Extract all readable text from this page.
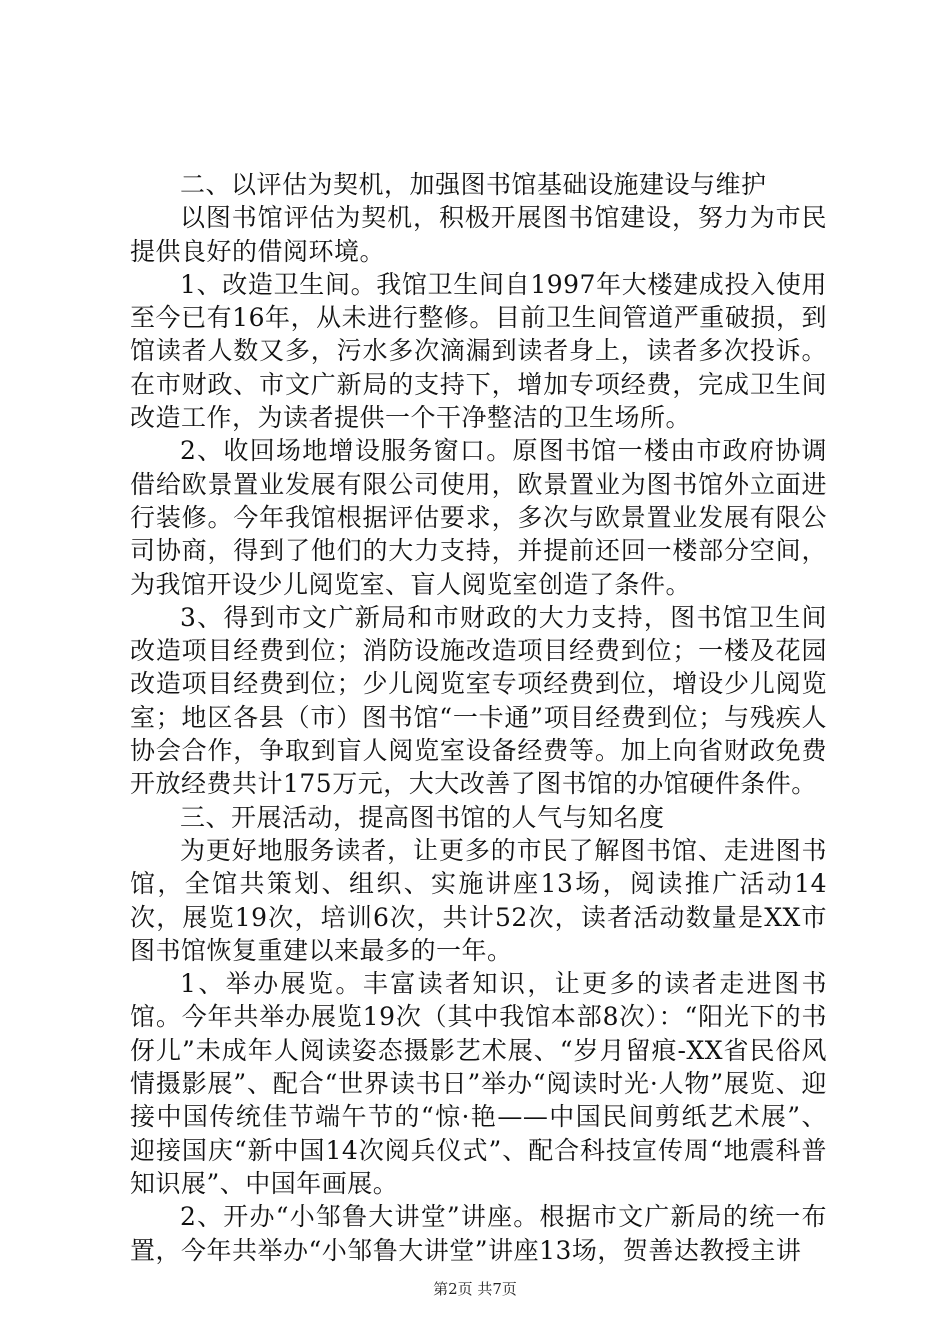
二、以评估为契机，加强图书馆基础设施建设与维护

以图书馆评估为契机，积极开展图书馆建设，努力为市民提供良好的借阅环境。

1、改造卫生间。我馆卫生间自1997年大楼建成投入使用至今已有16年，从未进行整修。目前卫生间管道严重破损，到馆读者人数又多，污水多次滴漏到读者身上，读者多次投诉。在市财政、市文广新局的支持下，增加专项经费，完成卫生间改造工作，为读者提供一个干净整洁的卫生场所。

2、收回场地增设服务窗口。原图书馆一楼由市政府协调借给欧景置业发展有限公司使用，欧景置业为图书馆外立面进行装修。今年我馆根据评估要求，多次与欧景置业发展有限公司协商，得到了他们的大力支持，并提前还回一楼部分空间，为我馆开设少儿阅览室、盲人阅览室创造了条件。

3、得到市文广新局和市财政的大力支持，图书馆卫生间改造项目经费到位；消防设施改造项目经费到位；一楼及花园改造项目经费到位；少儿阅览室专项经费到位，增设少儿阅览室；地区各县（市）图书馆“一卡通”项目经费到位；与残疾人协会合作，争取到盲人阅览室设备经费等。加上向省财政免费开放经费共计175万元，大大改善了图书馆的办馆硬件条件。

三、开展活动，提高图书馆的人气与知名度

为更好地服务读者，让更多的市民了解图书馆、走进图书馆，全馆共策划、组织、实施讲座13场，阅读推广活动14次，展览19次，培训6次，共计52次，读者活动数量是XX市图书馆恢复重建以来最多的一年。

1、举办展览。丰富读者知识，让更多的读者走进图书馆。今年共举办展览19次（其中我馆本部8次）：“阳光下的书伢儿”未成年人阅读姿态摄影艺术展、“岁月留痕-XX省民俗风情摄影展”、配合“世界读书日”举办“阅读时光·人物”展览、迎接中国传统佳节端午节的“惊·艳——中国民间剪纸艺术展”、迎接国庆“新中国14次阅兵仪式”、配合科技宣传周“地震科普知识展”、中国年画展。

2、开办“小邹鲁大讲堂”讲座。根据市文广新局的统一布置，今年共举办“小邹鲁大讲堂”讲座13场，贺善达教授主讲

第2页 共7页
